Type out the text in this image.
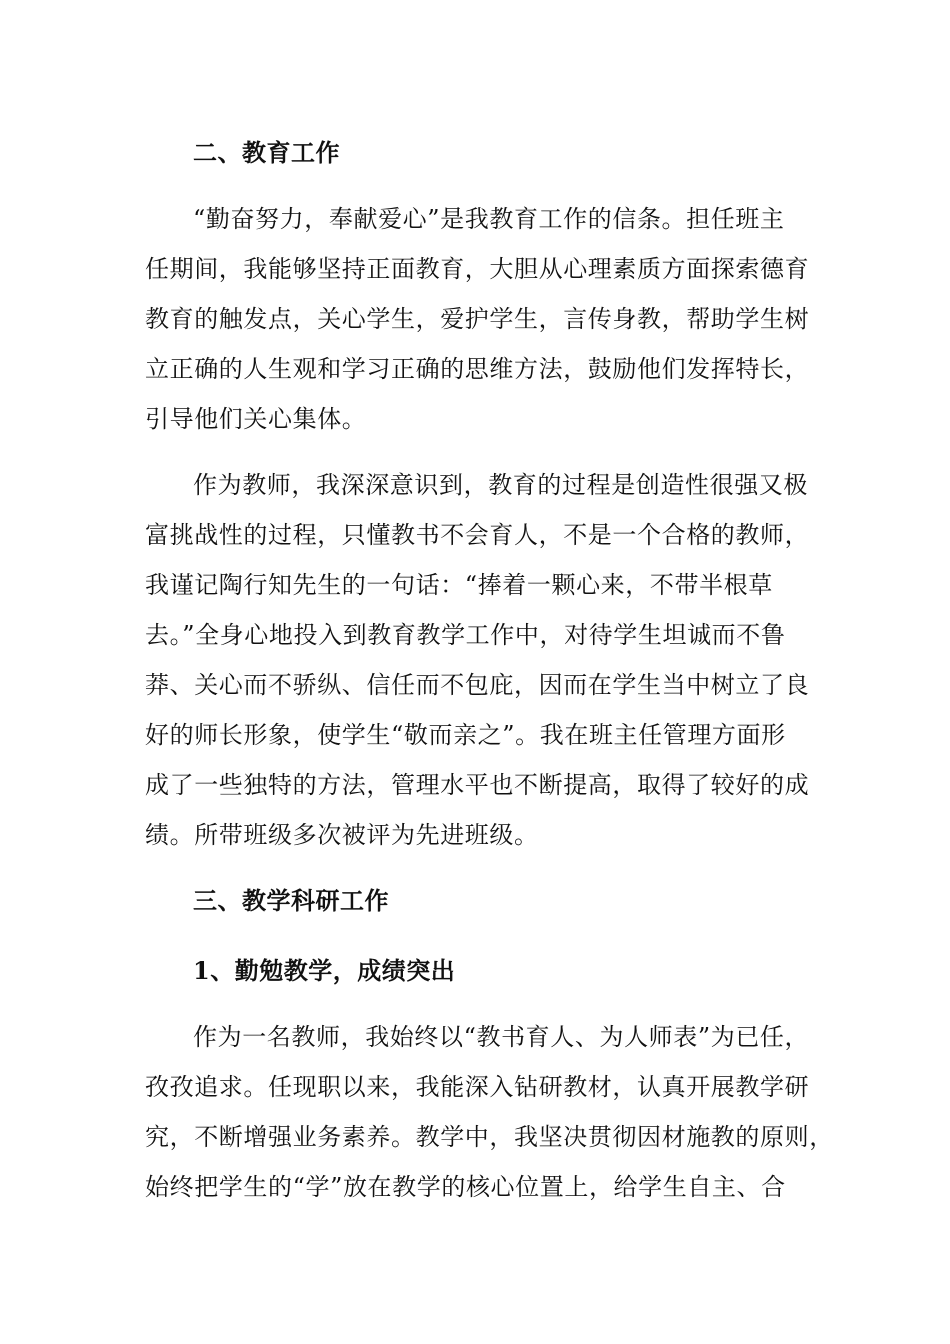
二、教育工作
“勤奋努力，奉献爱心”是我教育工作的信条。担任班主
任期间，我能够坚持正面教育，大胆从心理素质方面探索德育
教育的触发点，关心学生，爱护学生，言传身教，帮助学生树
立正确的人生观和学习正确的思维方法，鼓励他们发挥特长，
引导他们关心集体。
作为教师，我深深意识到，教育的过程是创造性很强又极
富挑战性的过程，只懂教书不会育人，不是一个合格的教师，
我谨记陶行知先生的一句话：“捧着一颗心来，不带半根草
去。”全身心地投入到教育教学工作中，对待学生坦诚而不鲁
莽、关心而不骄纵、信任而不包庇，因而在学生当中树立了良
好的师长形象，使学生“敬而亲之”。我在班主任管理方面形
成了一些独特的方法，管理水平也不断提高，取得了较好的成
绩。所带班级多次被评为先进班级。
三、教学科研工作
1、勤勉教学，成绩突出
作为一名教师，我始终以“教书育人、为人师表”为已任，
孜孜追求。任现职以来，我能深入钻研教材，认真开展教学研
究，不断增强业务素养。教学中，我坚决贯彻因材施教的原则，
始终把学生的“学”放在教学的核心位置上，给学生自主、合
